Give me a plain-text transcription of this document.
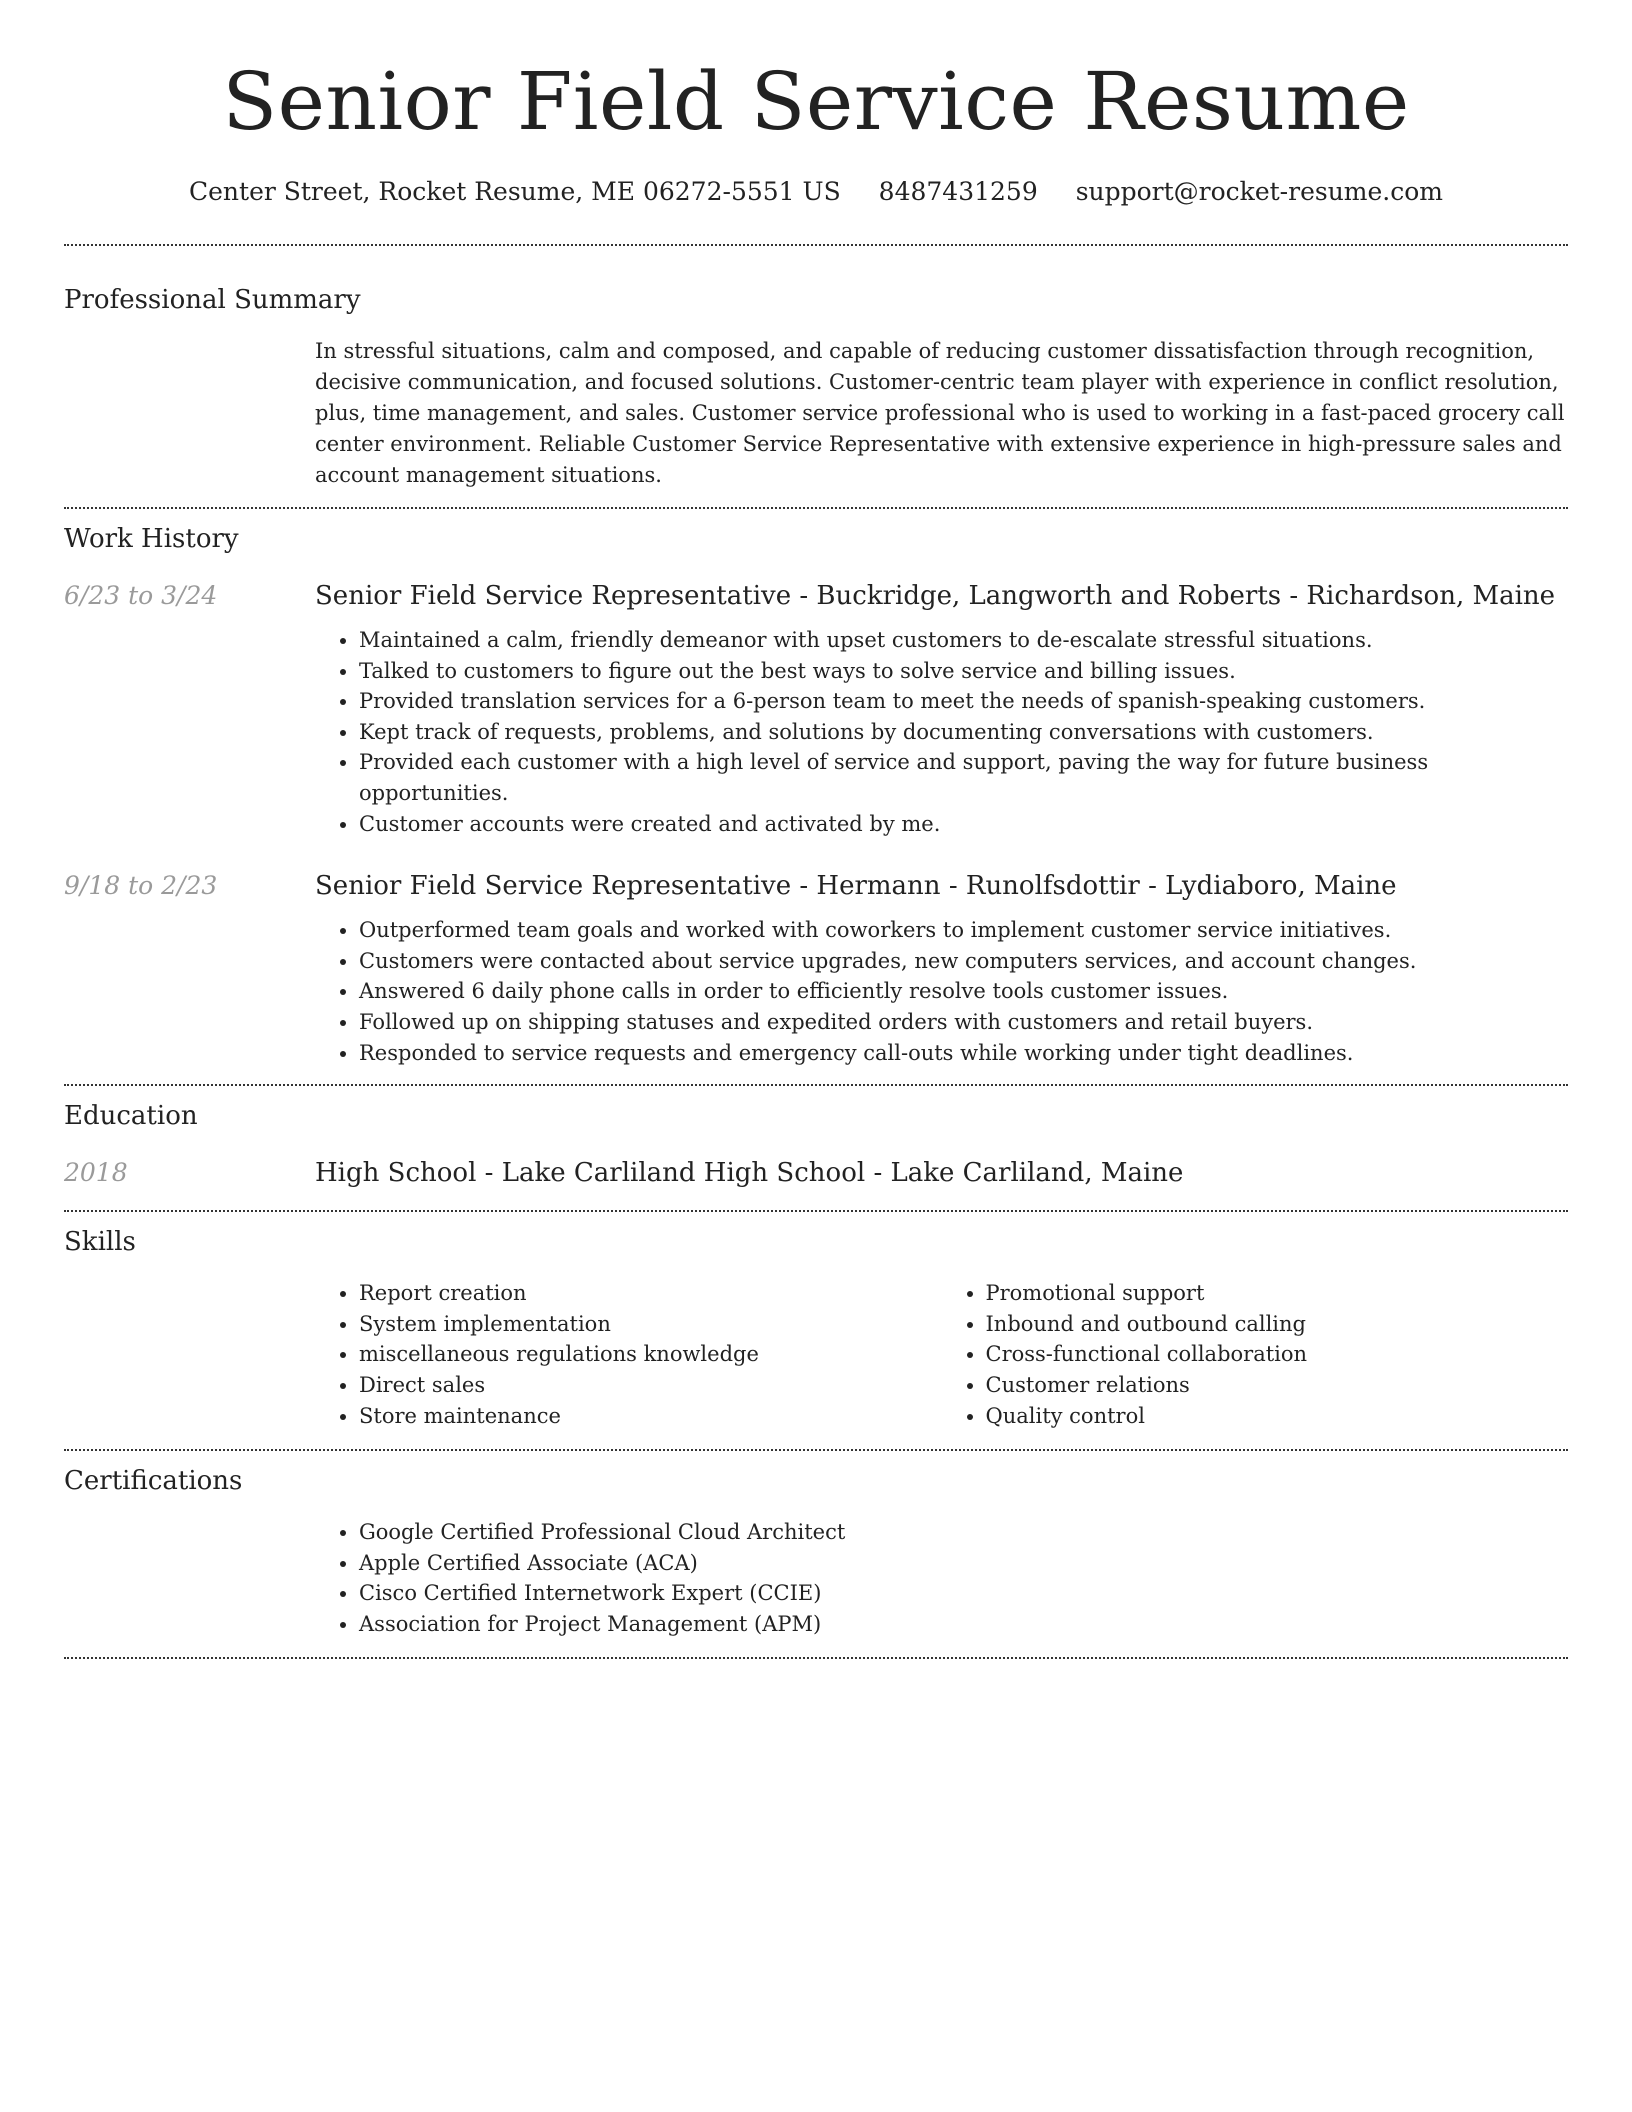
Senior Field Service Resume
Center Street, Rocket Resume, ME 06272-5551 US 8487431259 support@rocket-resume.com
Professional Summary

In stressful situations, calm and composed, and capable of reducing customer dissatisfaction through recognition, decisive communication, and focused solutions. Customer-centric team player with experience in conflict resolution, plus, time management, and sales. Customer service professional who is used to working in a fast-paced grocery call center environment. Reliable Customer Service Representative with extensive experience in high-pressure sales and account management situations.

Work History
6/23 to 3/24	Senior Field Service Representative - Buckridge, Langworth and Roberts - Richardson, Maine
• Maintained a calm, friendly demeanor with upset customers to de-escalate stressful situations.
• Talked to customers to figure out the best ways to solve service and billing issues.
• Provided translation services for a 6-person team to meet the needs of spanish-speaking customers.
• Kept track of requests, problems, and solutions by documenting conversations with customers.
• Provided each customer with a high level of service and support, paving the way for future business opportunities.
• Customer accounts were created and activated by me.
9/18 to 2/23	Senior Field Service Representative - Hermann - Runolfsdottir - Lydiaboro, Maine
• Outperformed team goals and worked with coworkers to implement customer service initiatives.
• Customers were contacted about service upgrades, new computers services, and account changes.
• Answered 6 daily phone calls in order to efficiently resolve tools customer issues.
• Followed up on shipping statuses and expedited orders with customers and retail buyers.
• Responded to service requests and emergency call-outs while working under tight deadlines.
Education
2018	High School - Lake Carliland High School - Lake Carliland, Maine
Skills
• Report creation
• System implementation
• miscellaneous regulations knowledge
• Direct sales
• Store maintenance
• Promotional support
• Inbound and outbound calling
• Cross-functional collaboration
• Customer relations
• Quality control
Certifications
• Google Certified Professional Cloud Architect
• Apple Certified Associate (ACA)
• Cisco Certified Internetwork Expert (CCIE)
• Association for Project Management (APM)
